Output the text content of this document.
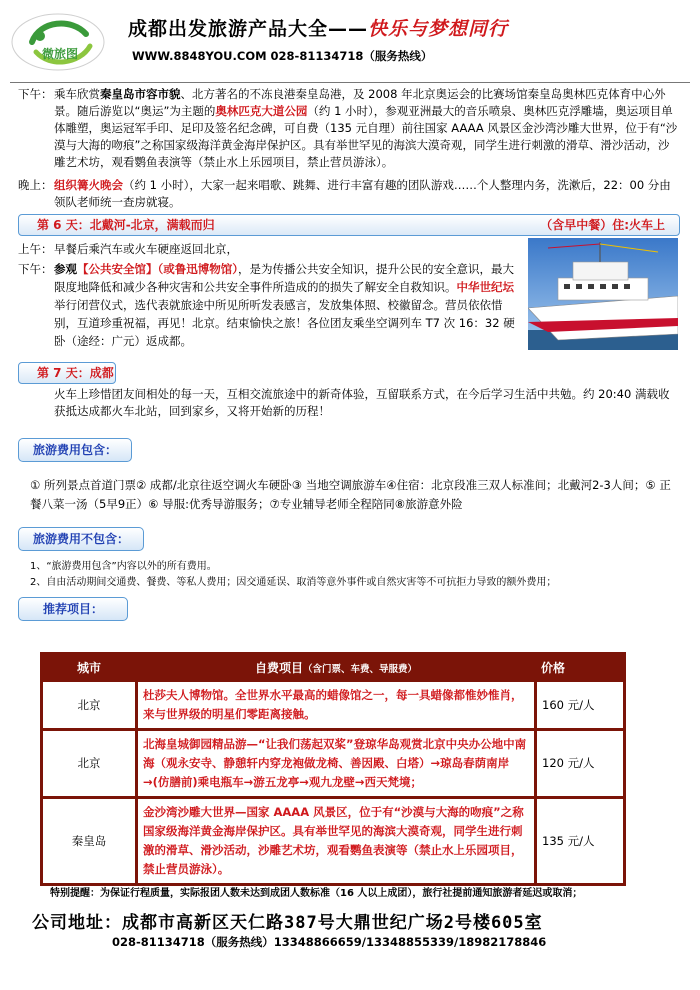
微旅图
成都出发旅游产品大全——快乐与梦想同行
WWW.8848YOU.COM 028-81134718（服务热线）
下午： 乘车欣赏秦皇岛市容市貌、北方著名的不冻良港秦皇岛港，及 2008 年北京奥运会的比赛场馆秦皇岛奥林匹克体育中心外景。随后游览以“奥运”为主题的奥林匹克大道公园（约 1 小时），参观亚洲最大的音乐喷泉、奥林匹克浮雕墙，奥运项目单体雕塑，奥运冠军手印、足印及签名纪念碑，可自费（135 元自理）前往国家 AAAA 风景区金沙湾沙雕大世界，位于有“沙漠与大海的吻痕”之称国家级海洋黄金海岸保护区。具有举世罕见的海滨大漠奇观，同学生进行刺激的滑草、滑沙活动，沙雕艺术坊，观看鹦鱼表演等（禁止水上乐园项目，禁止营员游泳）。
晚上： 组织篝火晚会（约 1 小时），大家一起来唱歌、跳舞、进行丰富有趣的团队游戏……个人整理内务，洗漱后，22：00 分由领队老师统一查房就寝。
第 6 天：北戴河-北京，满载而归	（含早中餐）住:火车上
上午： 早餐后乘汽车或火车硬座返回北京，
下午： 参观【公共安全馆】（或鲁迅博物馆），是为传播公共安全知识，提升公民的安全意识，最大限度地降低和减少各种灾害和公共安全事件所造成的的损失了解安全自救知识。中华世纪坛举行闭营仪式，选代表就旅途中所见所听发表感言，发放集体照、校徽留念。营员依依惜别，互道珍重祝福，再见！北京。结束愉快之旅！各位团友乘坐空调列车 T7 次 16：32 硬卧（途经：广元）返成都。
第 7 天：成都
火车上珍惜团友间相处的每一天，互相交流旅途中的新奇体验，互留联系方式，在今后学习生活中共勉。约 20:40 满载收获抵达成都火车北站，回到家乡，又将开始新的历程！
旅游费用包含：
① 所列景点首道门票② 成都/北京往返空调火车硬卧③ 当地空调旅游车④住宿：北京段准三双人标准间；北戴河2-3人间；⑤ 正餐八菜一汤（5早9正）⑥ 导服:优秀导游服务；⑦专业辅导老师全程陪同⑧旅游意外险
旅游费用不包含：
1、“旅游费用包含”内容以外的所有费用。
2、自由活动期间交通费、餐费、等私人费用；因交通延误、取消等意外事件或自然灾害等不可抗拒力导致的额外费用；
推荐项目：
城市	自费项目（含门票、车费、导服费）	价格
北京	杜莎夫人博物馆。全世界水平最高的蜡像馆之一，每一具蜡像都惟妙惟肖，来与世界级的明星们零距离接触。	160 元/人
北京	北海皇城御园精品游—“让我们荡起双桨”登琼华岛观赏北京中央办公地中南海（观永安寺、静憩轩内穿龙袍做龙椅、善因殿、白塔）→琼岛春荫南岸→(仿膳前)乘电瓶车→游五龙亭→观九龙壁→西天梵境；	120 元/人
秦皇岛	金沙湾沙雕大世界—国家 AAAA 风景区，位于有“沙漠与大海的吻痕”之称国家级海洋黄金海岸保护区。具有举世罕见的海滨大漠奇观，同学生进行刺激的滑草、滑沙活动，沙雕艺术坊，观看鹦鱼表演等（禁止水上乐园项目，禁止营员游泳）。	135 元/人
特别提醒：为保证行程质量，实际报团人数未达到成团人数标准（16 人以上成团），旅行社提前通知旅游者延迟或取消；
公司地址：成都市高新区天仁路387号大鼎世纪广场2号楼605室
028-81134718（服务热线）13348866659/13348855339/18982178846
